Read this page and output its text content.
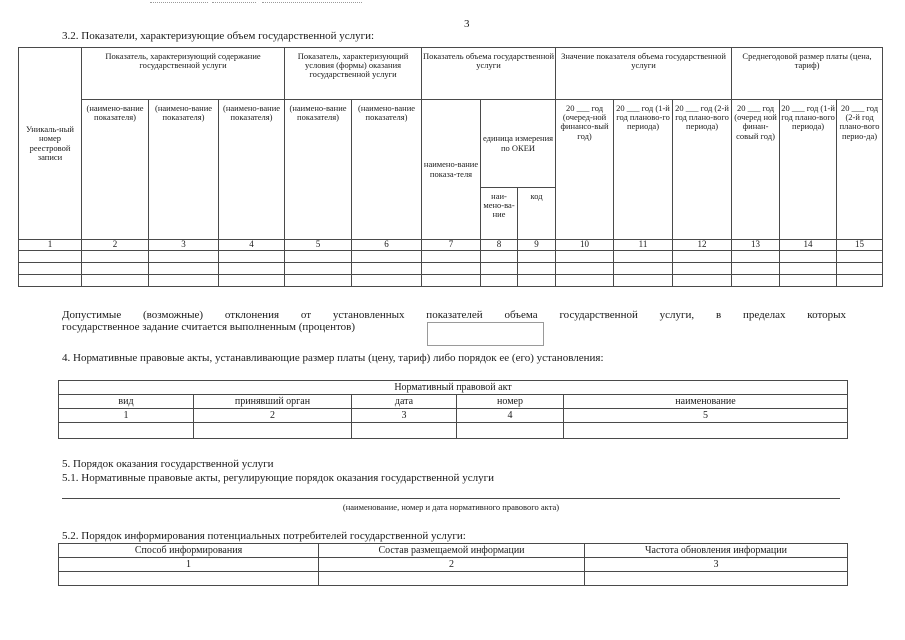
3
3.2. Показатели, характеризующие объем государственной услуги:
Уникаль-ный номер реестровой записи	Показатель, характеризующий содержание государственной услуги			Показатель, характеризующий условия (формы) оказания государственной услуги		Показатель объема государственной услуги			Значение показателя объема государственной услуги			Среднегодовой размер платы (цена, тариф)		
	(наимено-вание показателя)	(наимено-вание показателя)	(наимено-вание показателя)	(наимено-вание показателя)	(наимено-вание показателя)	наимено-вание показа-теля	единица измерения по ОКЕИ		20 ___ год (очеред-ной финансо-вый год)	20 ___ год (1-й год планово-го периода)	20 ___ год (2-й год плано-вого периода)	20 ___ год (очеред ной финан-совый год)	20 ___ год (1-й год плано-вого периода)	20 ___ год (2-й год плано-вого перио-да)
							наи-мено-ва-ние	код						
1	2	3	4	5	6	7	8	9	10	11	12	13	14	15

Допустимые (возможные) отклонения от установленных показателей объема государственной услуги, в пределах которых
государственное задание считается выполненным (процентов)
4. Нормативные правовые акты, устанавливающие размер платы (цену, тариф) либо порядок ее (его) установления:
Нормативный правовой акт				
вид	принявший орган	дата	номер	наименование
1	2	3	4	5

5. Порядок оказания государственной услуги
5.1. Нормативные правовые акты, регулирующие порядок оказания государственной услуги
(наименование, номер и дата нормативного правового акта)
5.2. Порядок информирования потенциальных потребителей государственной услуги:
Способ информирования	Состав размещаемой информации	Частота обновления информации
1	2	3
